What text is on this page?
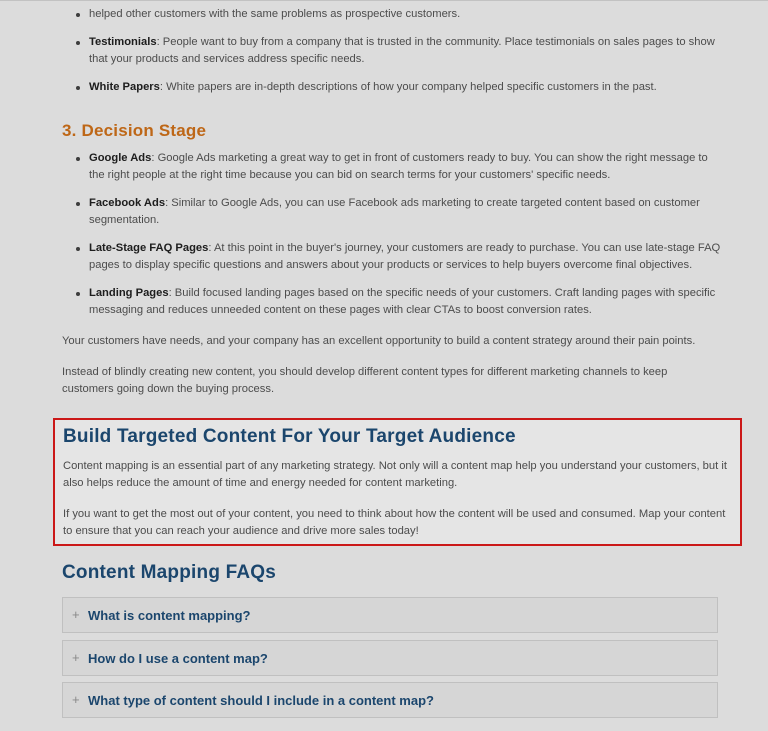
helped other customers with the same problems as prospective customers.
Testimonials: People want to buy from a company that is trusted in the community. Place testimonials on sales pages to show that your products and services address specific needs.
White Papers: White papers are in-depth descriptions of how your company helped specific customers in the past.
3. Decision Stage
Google Ads: Google Ads marketing a great way to get in front of customers ready to buy. You can show the right message to the right people at the right time because you can bid on search terms for your customers' specific needs.
Facebook Ads: Similar to Google Ads, you can use Facebook ads marketing to create targeted content based on customer segmentation.
Late-Stage FAQ Pages: At this point in the buyer's journey, your customers are ready to purchase. You can use late-stage FAQ pages to display specific questions and answers about your products or services to help buyers overcome final objectives.
Landing Pages: Build focused landing pages based on the specific needs of your customers. Craft landing pages with specific messaging and reduces unneeded content on these pages with clear CTAs to boost conversion rates.

Your customers have needs, and your company has an excellent opportunity to build a content strategy around their pain points.

Instead of blindly creating new content, you should develop different content types for different marketing channels to keep customers going down the buying process.

Build Targeted Content For Your Target Audience
Content mapping is an essential part of any marketing strategy. Not only will a content map help you understand your customers, but it also helps reduce the amount of time and energy needed for content marketing.
If you want to get the most out of your content, you need to think about how the content will be used and consumed. Map your content to ensure that you can reach your audience and drive more sales today!
Content Mapping FAQs
+ What is content mapping?
+ How do I use a content map?
+ What type of content should I include in a content map?
